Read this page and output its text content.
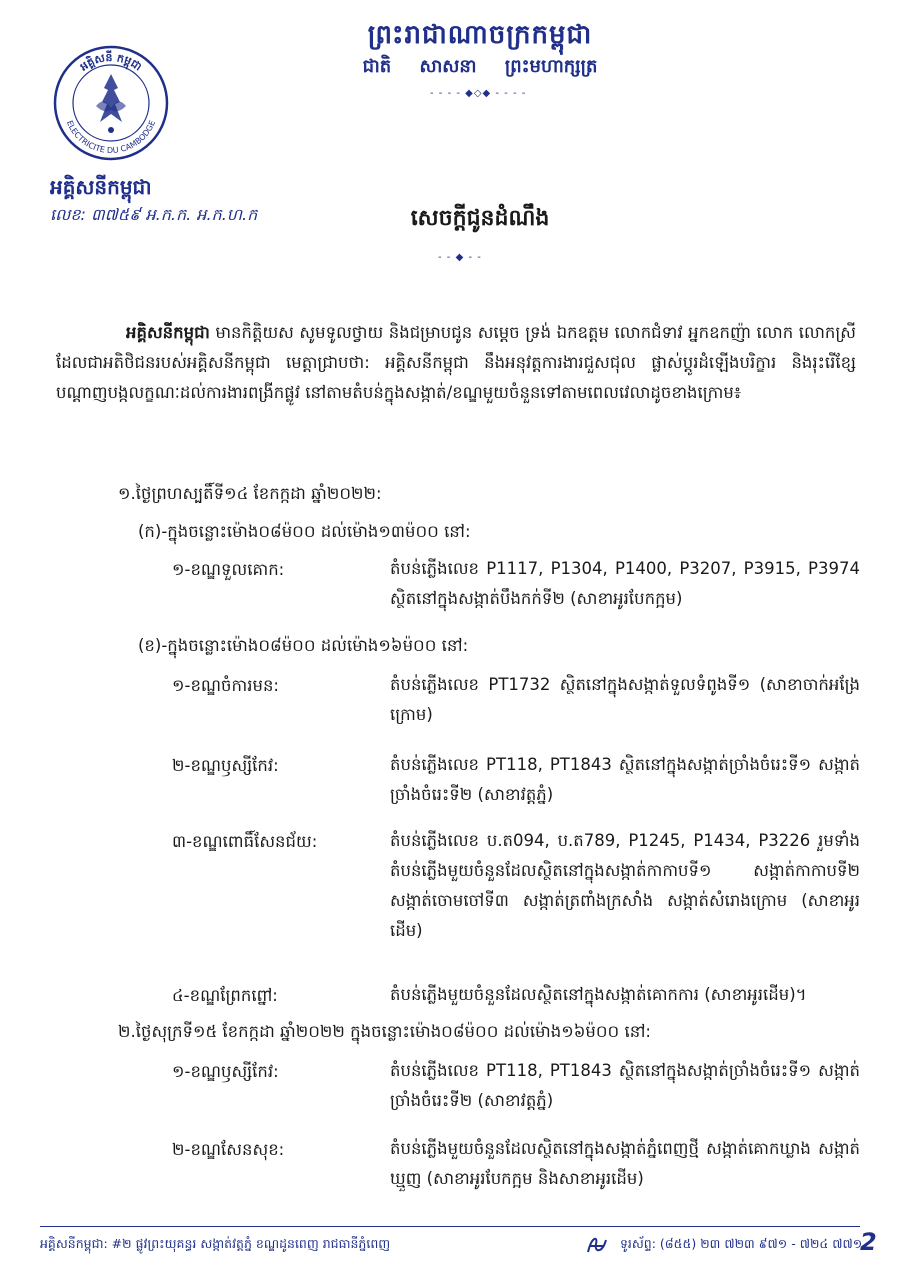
ព្រះរាជាណាចក្រកម្ពុជា
ជាតិ សាសនា ព្រះមហាក្សត្រ
- - - - ◆◇◆ - - - -
អគ្គិសនី កម្ពុជា
ELECTRICITE DU CAMBODGE
អគ្គិសនីកម្ពុជា
លេខ: ៣៧៥៩ អ.ក.ក. អ.ក.ហ.ក	សេចក្តីជូនដំណឹង
- - ◆ - -
អគ្គិសនីកម្ពុជា មានកិត្តិយស សូមទូលថ្វាយ និងជម្រាបជូន សម្តេច ទ្រង់ ឯកឧត្តម លោកជំទាវ អ្នកឧកញ៉ា លោក លោកស្រី ដែលជាអតិថិជនរបស់អគ្គិសនីកម្ពុជា មេត្តាជ្រាបថា: អគ្គិសនីកម្ពុជា នឹងអនុវត្តការងារជួសជុល ផ្លាស់ប្តូរដំឡើងបរិក្ខារ និងរុះរើខ្សែបណ្តាញបង្កលក្ខណៈដល់ការងារពង្រីកផ្លូវ នៅតាមតំបន់ក្នុងសង្កាត់/ខណ្ឌមួយចំនួនទៅតាមពេលវេលាដូចខាងក្រោម៖
១.ថ្ងៃព្រហស្បតិ៍ទី១៤ ខែកក្កដា ឆ្នាំ២០២២:
(ក)-ក្នុងចន្លោះម៉ោង០៨ម៉០០ ដល់ម៉ោង១៣ម៉០០ នៅ:
១-ខណ្ឌទួលគោក:	តំបន់ភ្លើងលេខ P1117, P1304, P1400, P3207, P3915, P3974 ស្ថិតនៅក្នុងសង្កាត់បឹងកក់ទី២ (សាខាអូរបែកក្អម)
(ខ)-ក្នុងចន្លោះម៉ោង០៨ម៉០០ ដល់ម៉ោង១៦ម៉០០ នៅ:
១-ខណ្ឌចំការមន:	តំបន់ភ្លើងលេខ PT1732 ស្ថិតនៅក្នុងសង្កាត់ទួលទំពូងទី១ (សាខាចាក់អង្រែក្រោម)
២-ខណ្ឌឫស្សីកែវ:	តំបន់ភ្លើងលេខ PT118, PT1843 ស្ថិតនៅក្នុងសង្កាត់ច្រាំងចំរេះទី១ សង្កាត់ច្រាំងចំរេះទី២ (សាខាវត្តភ្នំ)
៣-ខណ្ឌពោធិ៍សែនជ័យ:	តំបន់ភ្លើងលេខ ប.ត094, ប.ត789, P1245, P1434, P3226 រួមទាំងតំបន់ភ្លើងមួយចំនួនដែលស្ថិតនៅក្នុងសង្កាត់កាកាបទី១ សង្កាត់កាកាបទី២ សង្កាត់ចោមចៅទី៣ សង្កាត់ត្រពាំងក្រសាំង សង្កាត់សំរោងក្រោម (សាខាអូរដើម)
៤-ខណ្ឌព្រែកព្នៅ:	តំបន់ភ្លើងមួយចំនួនដែលស្ថិតនៅក្នុងសង្កាត់គោកការ (សាខាអូរដើម)។
២.ថ្ងៃសុក្រទី១៥ ខែកក្កដា ឆ្នាំ២០២២ ក្នុងចន្លោះម៉ោង០៨ម៉០០ ដល់ម៉ោង១៦ម៉០០ នៅ:
១-ខណ្ឌឫស្សីកែវ:	តំបន់ភ្លើងលេខ PT118, PT1843 ស្ថិតនៅក្នុងសង្កាត់ច្រាំងចំរេះទី១ សង្កាត់ច្រាំងចំរេះទី២ (សាខាវត្តភ្នំ)
២-ខណ្ឌសែនសុខ:	តំបន់ភ្លើងមួយចំនួនដែលស្ថិតនៅក្នុងសង្កាត់ភ្នំពេញថ្មី សង្កាត់គោកឃ្លាង សង្កាត់ឃ្មួញ (សាខាអូរបែកក្អម និងសាខាអូរដើម)
អគ្គិសនីកម្ពុជា: #២ ផ្លូវព្រះយុគន្ធរ សង្កាត់វត្តភ្នំ ខណ្ឌដូនពេញ រាជធានីភ្នំពេញ	ទូរស័ព្ទ: (៨៥៥) ២៣ ៧២៣ ៩៧១ - ៧២៤ ៧៧១
2
